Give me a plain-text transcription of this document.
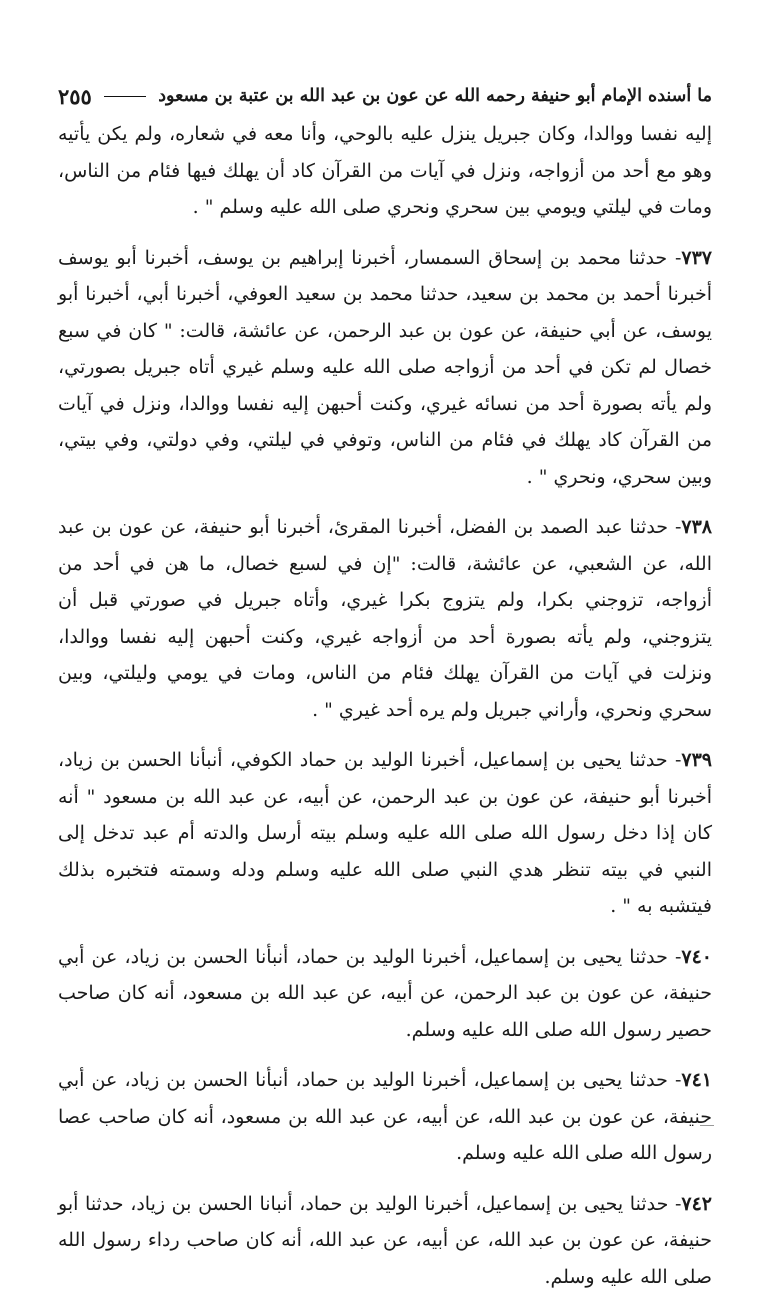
ما أسنده الإمام أبو حنيفة رحمه الله عن عون بن عبد الله بن عتبة بن مسعود
٢٥٥

إليه نفسا ووالدا، وكان جبريل ينزل عليه بالوحي، وأنا معه في شعاره، ولم يكن يأتيه وهو مع أحد من أزواجه، ونزل في آيات من القرآن كاد أن يهلك فيها فئام من الناس، ومات في ليلتي ويومي بين سحري ونحري صلى الله عليه وسلم " .

٧٣٧- حدثنا محمد بن إسحاق السمسار، أخبرنا إبراهيم بن يوسف، أخبرنا أبو يوسف أخبرنا أحمد بن محمد بن سعيد، حدثنا محمد بن سعيد العوفي، أخبرنا أبي، أخبرنا أبو يوسف، عن أبي حنيفة، عن عون بن عبد الرحمن، عن عائشة، قالت: " كان في سبع خصال لم تكن في أحد من أزواجه صلى الله عليه وسلم غيري أتاه جبريل بصورتي، ولم يأته بصورة أحد من نسائه غيري، وكنت أحبهن إليه نفسا ووالدا، ونزل في آيات من القرآن كاد يهلك في فئام من الناس، وتوفي في ليلتي، وفي دولتي، وفي بيتي، وبين سحري، ونحري " .

٧٣٨- حدثنا عبد الصمد بن الفضل، أخبرنا المقرئ، أخبرنا أبو حنيفة، عن عون بن عبد الله، عن الشعبي، عن عائشة، قالت: "إن في لسبع خصال، ما هن في أحد من أزواجه، تزوجني بكرا، ولم يتزوج بكرا غيري، وأتاه جبريل في صورتي قبل أن يتزوجني، ولم يأته بصورة أحد من أزواجه غيري، وكنت أحبهن إليه نفسا ووالدا، ونزلت في آيات من القرآن يهلك فئام من الناس، ومات في يومي وليلتي، وبين سحري ونحري، وأراني جبريل ولم يره أحد غيري " .

٧٣٩- حدثنا يحيى بن إسماعيل، أخبرنا الوليد بن حماد الكوفي، أنبأنا الحسن بن زياد، أخبرنا أبو حنيفة، عن عون بن عبد الرحمن، عن أبيه، عن عبد الله بن مسعود " أنه كان إذا دخل رسول الله صلى الله عليه وسلم بيته أرسل والدته أم عبد تدخل إلى النبي في بيته تنظر هدي النبي صلى الله عليه وسلم ودله وسمته فتخبره بذلك فيتشبه به " .

٧٤٠- حدثنا يحيى بن إسماعيل، أخبرنا الوليد بن حماد، أنبأنا الحسن بن زياد، عن أبي حنيفة، عن عون بن عبد الرحمن، عن أبيه، عن عبد الله بن مسعود، أنه كان صاحب حصير رسول الله صلى الله عليه وسلم.

٧٤١- حدثنا يحيى بن إسماعيل، أخبرنا الوليد بن حماد، أنبأنا الحسن بن زياد، عن أبي حنيفة، عن عون بن عبد الله، عن أبيه، عن عبد الله بن مسعود، أنه كان صاحب عصا رسول الله صلى الله عليه وسلم.

٧٤٢- حدثنا يحيى بن إسماعيل، أخبرنا الوليد بن حماد، أنبانا الحسن بن زياد، حدثنا أبو حنيفة، عن عون بن عبد الله، عن أبيه، عن عبد الله، أنه كان صاحب رداء رسول الله صلى الله عليه وسلم.
